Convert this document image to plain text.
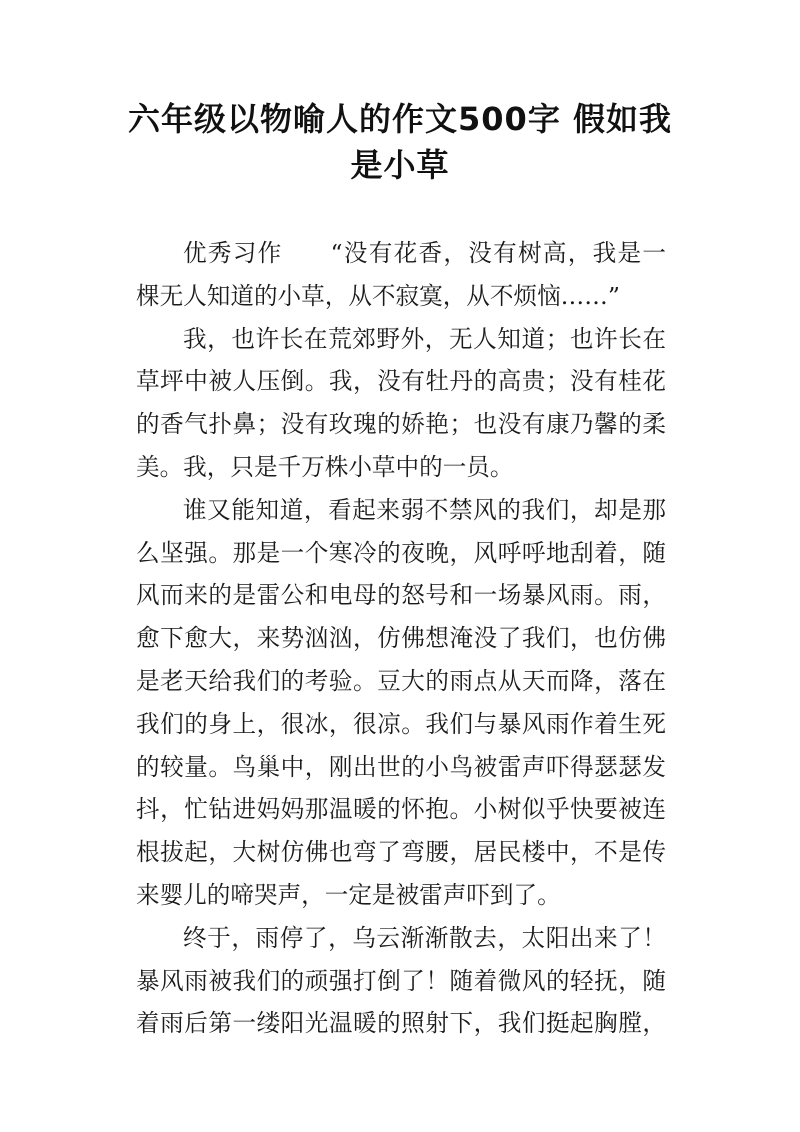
六年级以物喻人的作文500字 假如我
是小草
优秀习作 “没有花香，没有树高，我是一
棵无人知道的小草，从不寂寞，从不烦恼……”
我，也许长在荒郊野外，无人知道；也许长在
草坪中被人压倒。我，没有牡丹的高贵；没有桂花
的香气扑鼻；没有玫瑰的娇艳；也没有康乃馨的柔
美。我，只是千万株小草中的一员。
谁又能知道，看起来弱不禁风的我们，却是那
么坚强。那是一个寒冷的夜晚，风呼呼地刮着，随
风而来的是雷公和电母的怒号和一场暴风雨。雨，
愈下愈大，来势汹汹，仿佛想淹没了我们，也仿佛
是老天给我们的考验。豆大的雨点从天而降，落在
我们的身上，很冰，很凉。我们与暴风雨作着生死
的较量。鸟巢中，刚出世的小鸟被雷声吓得瑟瑟发
抖，忙钻进妈妈那温暖的怀抱。小树似乎快要被连
根拔起，大树仿佛也弯了弯腰，居民楼中，不是传
来婴儿的啼哭声，一定是被雷声吓到了。
终于，雨停了，乌云渐渐散去，太阳出来了！
暴风雨被我们的顽强打倒了！随着微风的轻抚，随
着雨后第一缕阳光温暖的照射下，我们挺起胸膛，
